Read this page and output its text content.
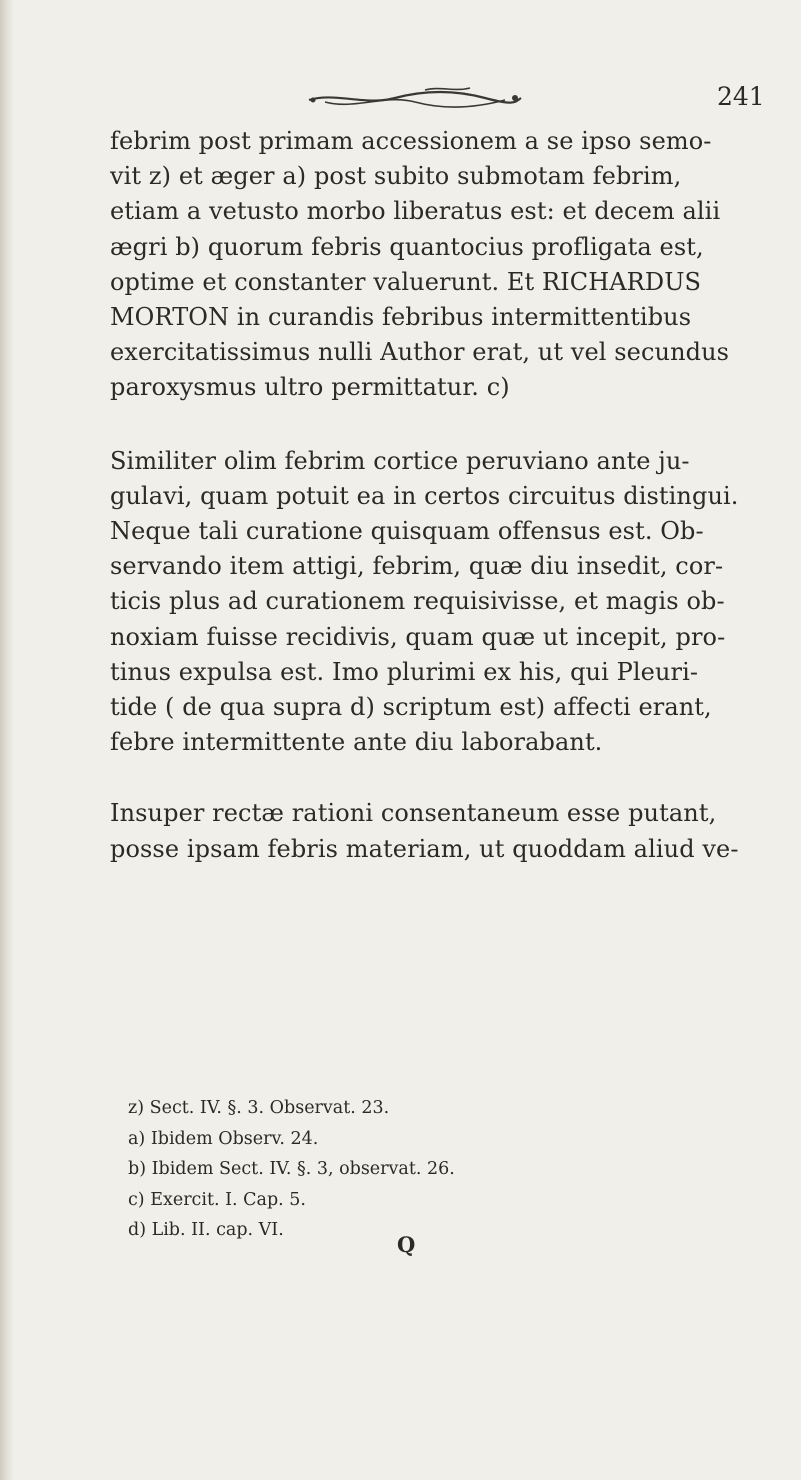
241
febrim post primam accessionem a se ipso semo-
vit z) et æger a) post subito submotam febrim,
etiam a vetusto morbo liberatus est: et decem alii
ægri b) quorum febris quantocius profligata est,
optime et constanter valuerunt. Et RICHARDUS
MORTON in curandis febribus intermittentibus
exercitatissimus nulli Author erat, ut vel secundus
paroxysmus ultro permittatur. c)
Similiter olim febrim cortice peruviano ante ju-
gulavi, quam potuit ea in certos circuitus distingui.
Neque tali curatione quisquam offensus est. Ob-
servando item attigi, febrim, quæ diu insedit, cor-
ticis plus ad curationem requisivisse, et magis ob-
noxiam fuisse recidivis, quam quæ ut incepit, pro-
tinus expulsa est. Imo plurimi ex his, qui Pleuri-
tide ( de qua supra d) scriptum est) affecti erant,
febre intermittente ante diu laborabant.
Insuper rectæ rationi consentaneum esse putant,
posse ipsam febris materiam, ut quoddam aliud ve-
z) Sect. IV. §. 3. Observat. 23.
a) Ibidem Observ. 24.
b) Ibidem Sect. IV. §. 3, observat. 26.
c) Exercit. I. Cap. 5.
d) Lib. II. cap. VI.
Q
